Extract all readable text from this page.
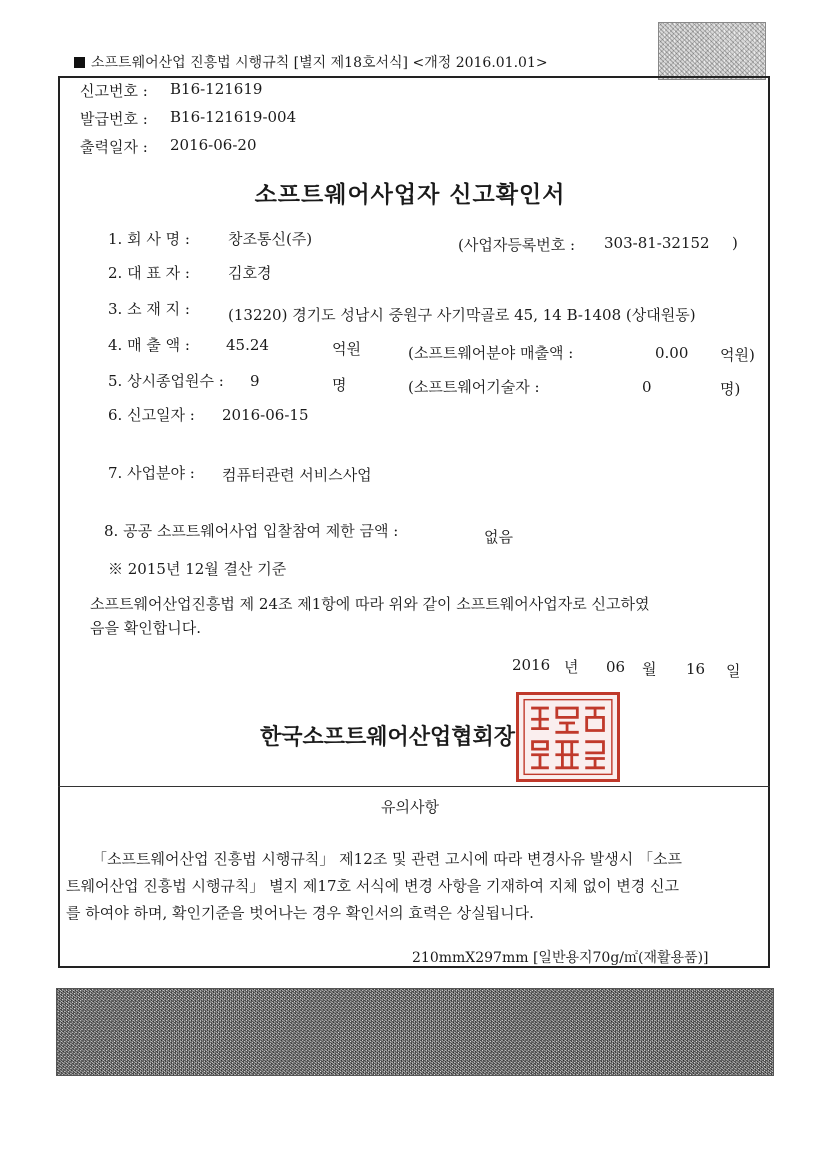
소프트웨어산업 진흥법 시행규칙 [별지 제18호서식] <개정 2016.01.01>
신고번호 : B16-121619
발급번호 : B16-121619-004
출력일자 : 2016-06-20
소프트웨어사업자 신고확인서
1. 회 사 명 :	창조통신(주)	(사업자등록번호 : 303-81-32152 )
2. 대 표 자 :	김호경
3. 소 재 지 :	(13220) 경기도 성남시 중원구 사기막골로 45, 14 B-1408 (상대원동)
4. 매 출 액 : 45.24	억원	(소프트웨어분야 매출액 :	0.00 억원)
5. 상시종업원수 : 9	명	(소프트웨어기술자 :	0	명)
6. 신고일자 : 2016-06-15
7. 사업분야 : 컴퓨터관련 서비스사업
8. 공공 소프트웨어사업 입찰참여 제한 금액 :	없음
※ 2015년 12월 결산 기준
소프트웨어산업진흥법 제 24조 제1항에 따라 위와 같이 소프트웨어사업자로 신고하였
음을 확인합니다.
2016 년 06 월 16 일
한국소프트웨어산업협회장
유의사항
「소프트웨어산업 진흥법 시행규칙」 제12조 및 관련 고시에 따라 변경사유 발생시 「소프
트웨어산업 진흥법 시행규칙」 별지 제17호 서식에 변경 사항을 기재하여 지체 없이 변경 신고
를 하여야 하며, 확인기준을 벗어나는 경우 확인서의 효력은 상실됩니다.
210mmX297mm [일반용지70g/㎡(재활용품)]
